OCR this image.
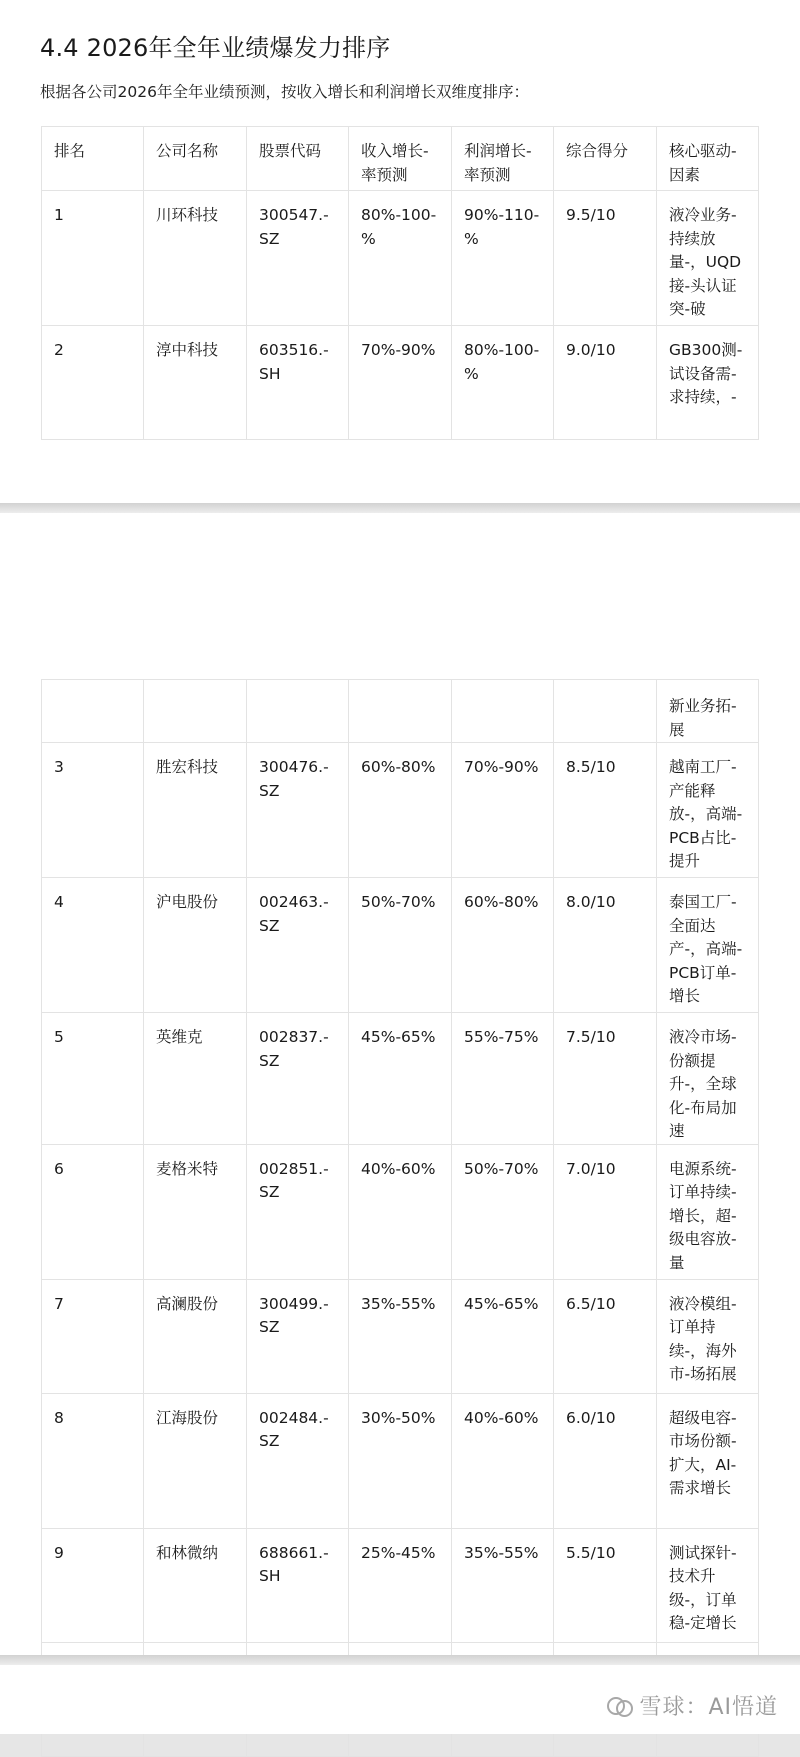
4.4 2026年全年业绩爆发力排序
根据各公司2026年全年业绩预测，按收入增长和利润增长双维度排序：
排名	公司名称	股票代码	收入增长-率预测	利润增长-率预测	综合得分	核心驱动-因素
1	川环科技	300547.-SZ	80%-100-%	90%-110-%	9.5/10	液冷业务-持续放量-，UQD接-头认证突-破
2	淳中科技	603516.-SH	70%-90%	80%-100-%	9.0/10	GB300测-试设备需-求持续，-
						新业务拓-展
3	胜宏科技	300476.-SZ	60%-80%	70%-90%	8.5/10	越南工厂-产能释放-，高端-PCB占比-提升
4	沪电股份	002463.-SZ	50%-70%	60%-80%	8.0/10	泰国工厂-全面达产-，高端-PCB订单-增长
5	英维克	002837.-SZ	45%-65%	55%-75%	7.5/10	液冷市场-份额提升-，全球化-布局加速
6	麦格米特	002851.-SZ	40%-60%	50%-70%	7.0/10	电源系统-订单持续-增长，超-级电容放-量
7	高澜股份	300499.-SZ	35%-55%	45%-65%	6.5/10	液冷模组-订单持续-，海外市-场拓展
8	江海股份	002484.-SZ	30%-50%	40%-60%	6.0/10	超级电容-市场份额-扩大，AI-需求增长
9	和林微纳	688661.-SH	25%-45%	35%-55%	5.5/10	测试探针-技术升级-，订单稳-定增长

雪球：AI悟道
